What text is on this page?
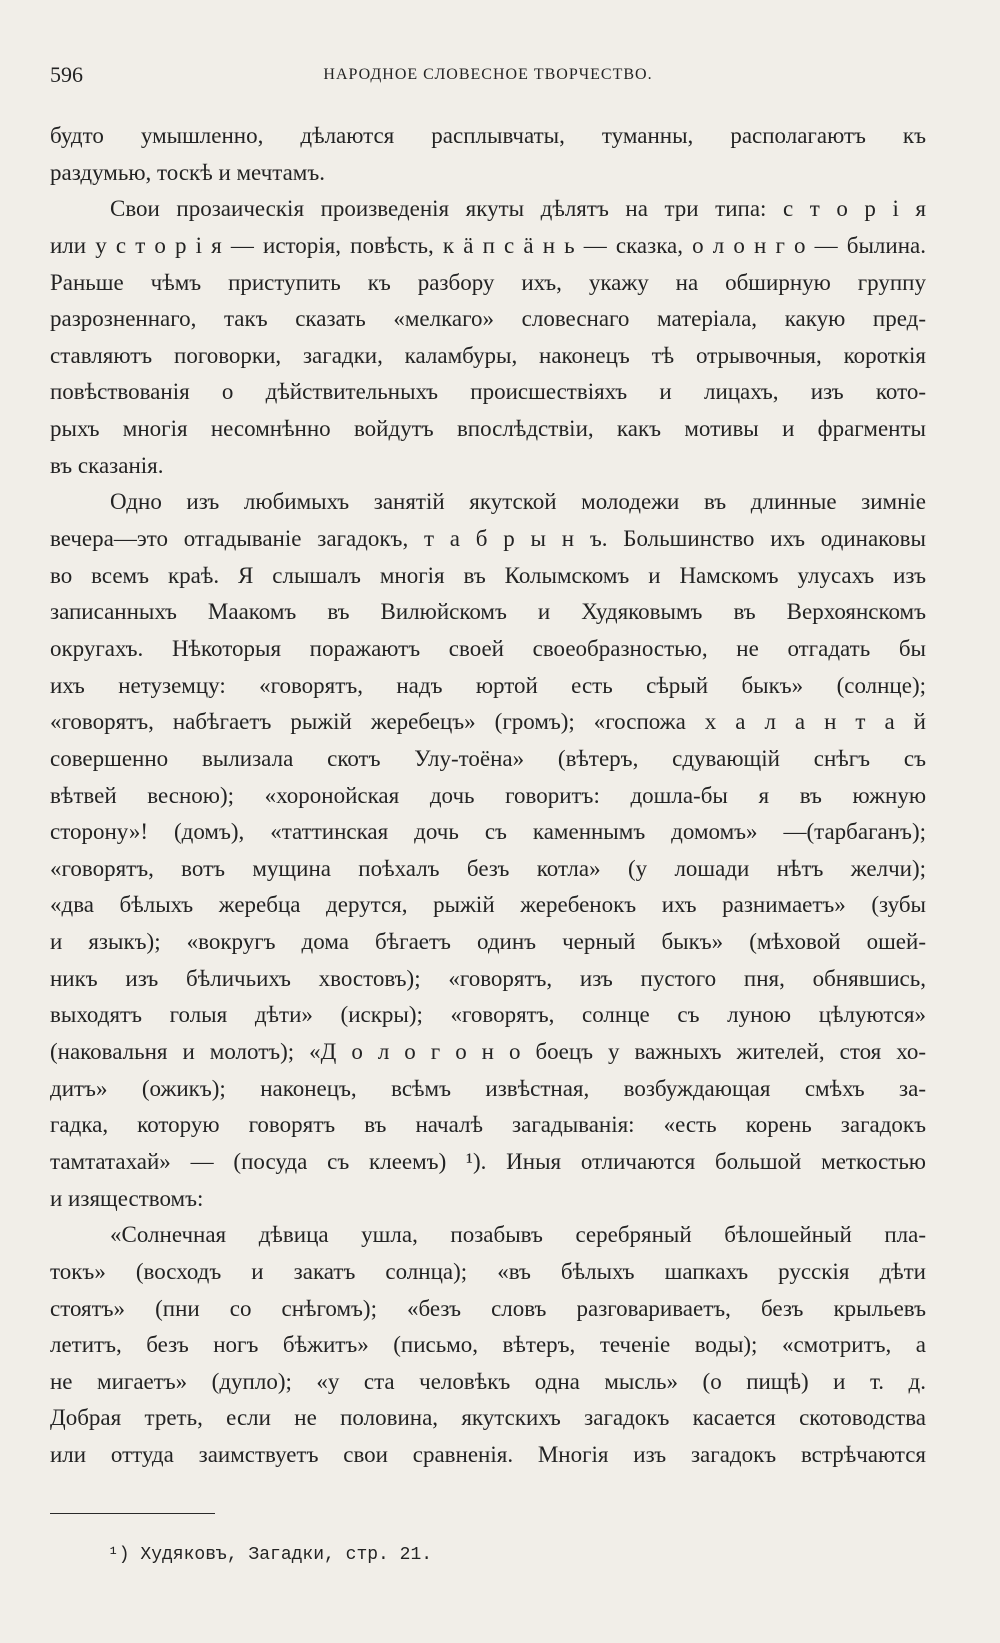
596	НАРОДНОЕ СЛОВЕСНОЕ ТВОРЧЕСТВО.
будто умышленно, дѣлаются расплывчаты, туманны, располагаютъ къ
раздумью, тоскѣ и мечтамъ.
Свои прозаическія произведенія якуты дѣлятъ на три типа: с т о р і я
или у с т о р і я — исторія, повѣсть, к ä п с ä н ь — сказка, о л о н г о — былина.
Раньше чѣмъ приступить къ разбору ихъ, укажу на обширную группу
разрозненнаго, такъ сказать «мелкаго» словеснаго матеріала, какую пред-
ставляютъ поговорки, загадки, каламбуры, наконецъ тѣ отрывочныя, короткія
повѣствованія о дѣйствительныхъ происшествіяхъ и лицахъ, изъ кото-
рыхъ многія несомнѣнно войдутъ впослѣдствіи, какъ мотивы и фрагменты
въ сказанія.
Одно изъ любимыхъ занятій якутской молодежи въ длинные зимніе
вечера—это отгадываніе загадокъ, т а б р ы н ъ. Большинство ихъ одинаковы
во всемъ краѣ. Я слышалъ многія въ Колымскомъ и Намскомъ улусахъ изъ
записанныхъ Маакомъ въ Вилюйскомъ и Худяковымъ въ Верхоянскомъ
округахъ. Нѣкоторыя поражаютъ своей своеобразностью, не отгадать бы
ихъ нетуземцу: «говорятъ, надъ юртой есть сѣрый быкъ» (солнце);
«говорятъ, набѣгаетъ рыжій жеребецъ» (громъ); «госпожа х а л а н т а й
совершенно вылизала скотъ Улу-тоёна» (вѣтеръ, сдувающій снѣгъ съ
вѣтвей весною); «хоронойская дочь говоритъ: дошла-бы я въ южную
сторону»! (домъ), «таттинская дочь съ каменнымъ домомъ» —(тарбаганъ);
«говорятъ, вотъ мущина поѣхалъ безъ котла» (у лошади нѣтъ желчи);
«два бѣлыхъ жеребца дерутся, рыжій жеребенокъ ихъ разнимаетъ» (зубы
и языкъ); «вокругъ дома бѣгаетъ одинъ черный быкъ» (мѣховой ошей-
никъ изъ бѣличьихъ хвостовъ); «говорятъ, изъ пустого пня, обнявшись,
выходятъ голыя дѣти» (искры); «говорятъ, солнце съ луною цѣлуются»
(наковальня и молотъ); «Д о л о г о н о бoецъ у важныхъ жителей, стоя хо-
дитъ» (ожикъ); наконецъ, всѣмъ извѣстная, возбуждающая смѣхъ за-
гадка, которую говорятъ въ началѣ загадыванія: «есть корень загадокъ
тамтатахай» — (посуда съ клеемъ) ¹). Иныя отличаются большой меткостью
и изяществомъ:
«Солнечная дѣвица ушла, позабывъ серебряный бѣлошейный пла-
токъ» (восходъ и закатъ солнца); «въ бѣлыхъ шапкахъ русскія дѣти
стоятъ» (пни со снѣгомъ); «безъ словъ разговариваетъ, безъ крыльевъ
летитъ, безъ ногъ бѣжитъ» (письмо, вѣтеръ, теченіе воды); «смотритъ, а
не мигаетъ» (дупло); «у ста человѣкъ одна мысль» (о пищѣ) и т. д.
Добрая треть, если не половина, якутскихъ загадокъ касается скотоводства
или оттуда заимствуетъ свои сравненія. Многія изъ загадокъ встрѣчаются
¹) Худяковъ, Загадки, стр. 21.
